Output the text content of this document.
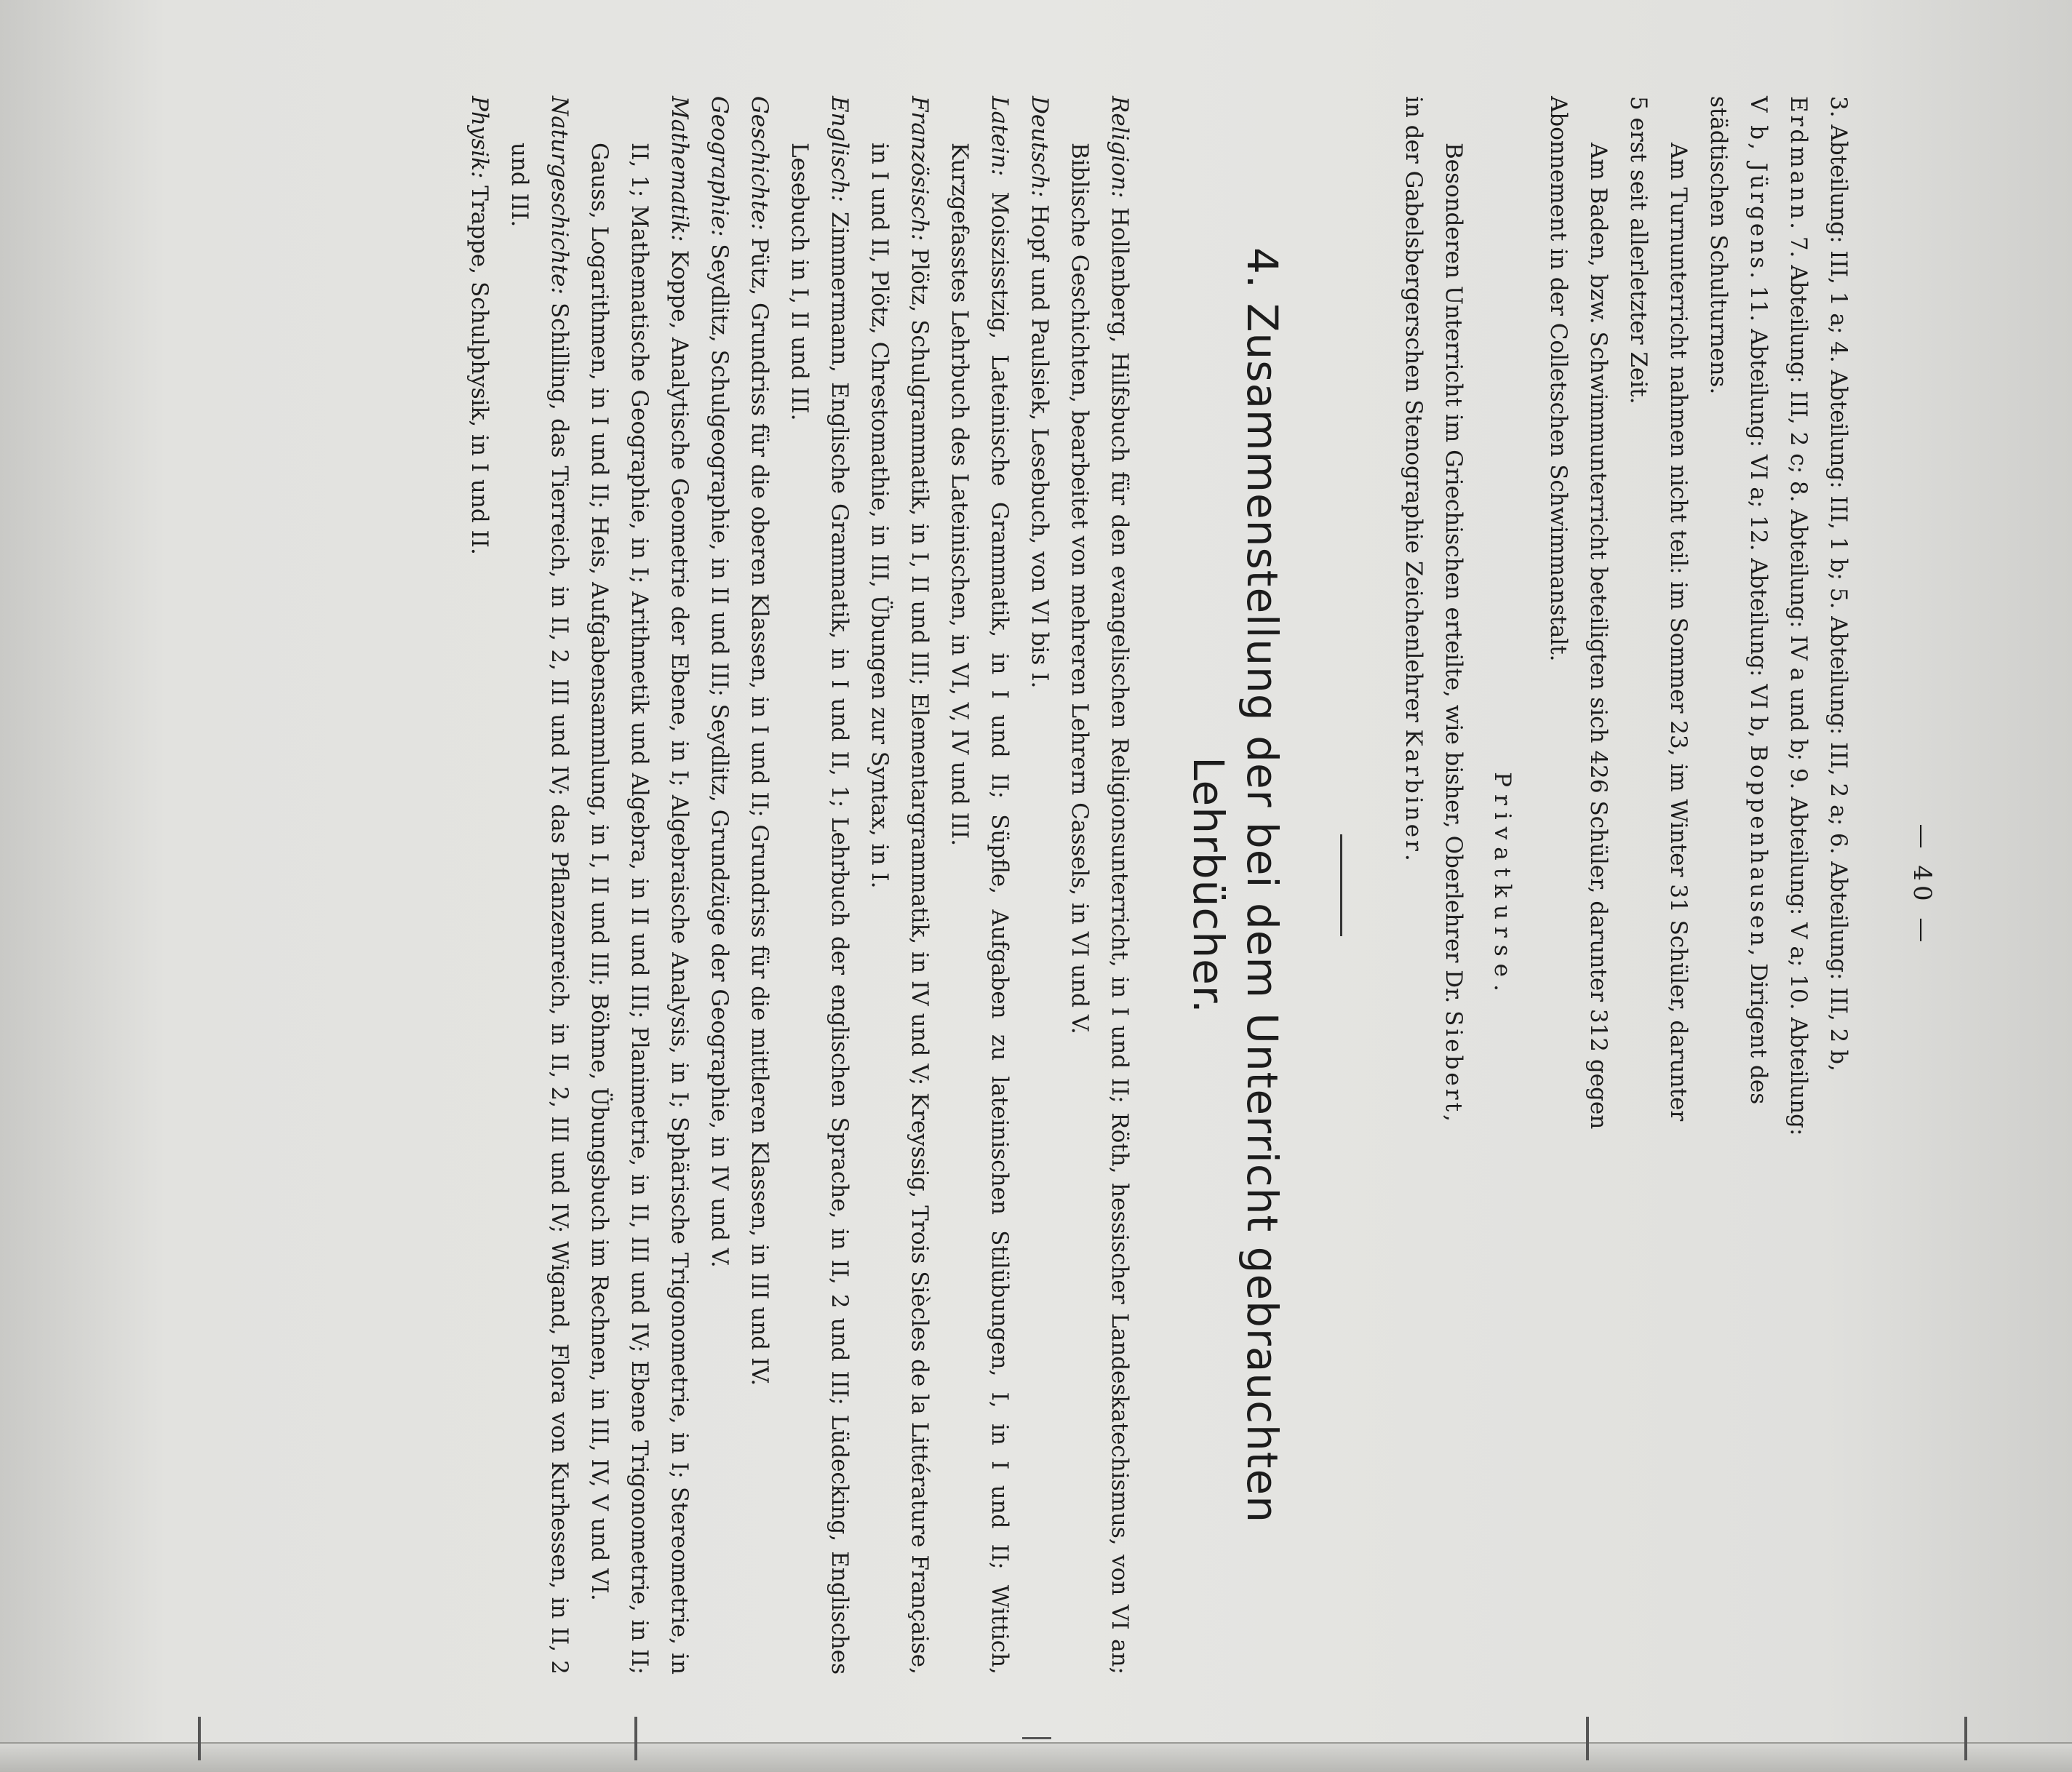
— 40 —

3. Abteilung: III, 1 a; 4. Abteilung: III, 1 b; 5. Abteilung: III, 2 a; 6. Abteilung: III, 2 b,

Erdmann. 7. Abteilung: III, 2 c; 8. Abteilung: IV a und b; 9. Abteilung: V a; 10. Abteilung:

V b, Jürgens. 11. Abteilung: VI a; 12. Abteilung: VI b, Boppenhausen, Dirigent des

städtischen Schulturnens.

Am Turnunterricht nahmen nicht teil: im Sommer 23, im Winter 31 Schüler, darunter

5 erst seit allerletzter Zeit.

Am Baden, bzw. Schwimmunterricht beteiligten sich 426 Schüler, darunter 312 gegen

Abonnement in der Colletschen Schwimmanstalt.

Privatkurse.

Besonderen Unterricht im Griechischen erteilte, wie bisher, Oberlehrer Dr. Siebert,

in der Gabelsbergerschen Stenographie Zeichenlehrer Karbiner.

4. Zusammenstellung der bei dem Unterricht gebrauchten
Lehrbücher.

Religion: Hollenberg, Hilfsbuch für den evangelischen Religionsunterricht, in I und II; Röth, hessischer Landeskatechismus, von VI an; Biblische Geschichten, bearbeitet von mehreren Lehrern Cassels, in VI und V.

Deutsch: Hopf und Paulsiek, Lesebuch, von VI bis I.

Latein: Moiszisstzig, Lateinische Grammatik, in I und II; Süpfle, Aufgaben zu lateinischen Stilübungen, I, in I und II; Wittich, Kurzgefasstes Lehrbuch des Lateinischen, in VI, V, IV und III.

Französisch: Plötz, Schulgrammatik, in I, II und III; Elementargrammatik, in IV und V; Kreyssig, Trois Siècles de la Littérature Française, in I und II, Plötz, Chrestomathie, in III, Übungen zur Syntax, in I.

Englisch: Zimmermann, Englische Grammatik, in I und II, 1; Lehrbuch der englischen Sprache, in II, 2 und III; Lüdecking, Englisches Lesebuch in I, II und III.

Geschichte: Pütz, Grundriss für die oberen Klassen, in I und II; Grundriss für die mittleren Klassen, in III und IV.

Geographie: Seydlitz, Schulgeographie, in II und III; Seydlitz, Grundzüge der Geographie, in IV und V.

Mathematik: Koppe, Analytische Geometrie der Ebene, in I; Algebraische Analysis, in I; Sphärische Trigonometrie, in I; Stereometrie, in II, 1; Mathematische Geographie, in I; Arithmetik und Algebra, in II und III; Planimetrie, in II, III und IV; Ebene Trigonometrie, in II; Gauss, Logarithmen, in I und II; Heis, Aufgabensammlung, in I, II und III; Böhme, Übungsbuch im Rechnen, in III, IV, V und VI.

Naturgeschichte: Schilling, das Tierreich, in II, 2, III und IV; das Pflanzenreich, in II, 2, III und IV; Wigand, Flora von Kurhessen, in II, 2 und III.

Physik: Trappe, Schulphysik, in I und II.
